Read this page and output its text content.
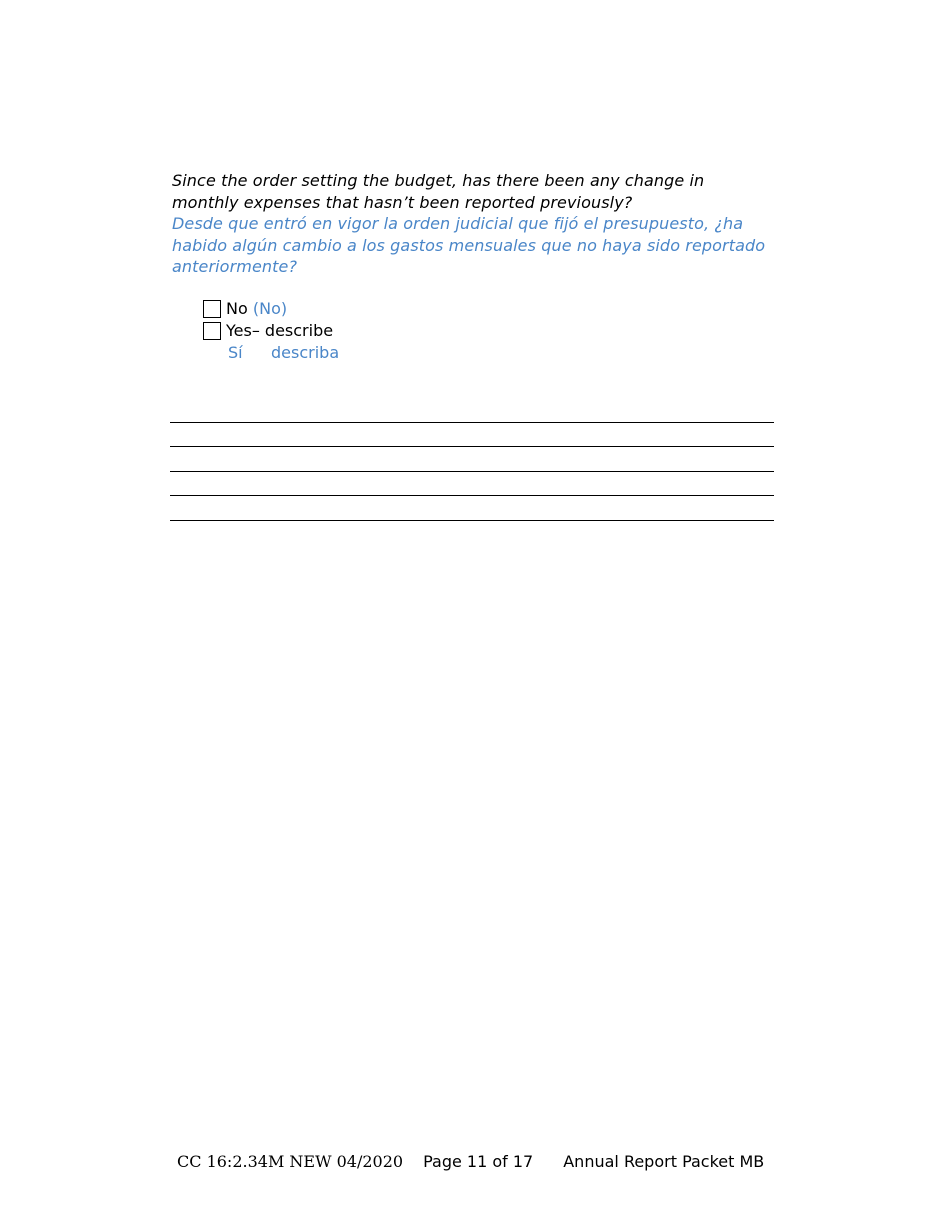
Since the order setting the budget, has there been any change in monthly expenses that hasn’t been reported previously?

Desde que entró en vigor la orden judicial que fijó el presupuesto, ¿ha habido algún cambio a los gastos mensuales que no haya sido reportado anteriormente?

No
(No)
Yes– describe
Sí	describa
CC 16:2.34M NEW 04/2020 Page 11 of 17 Annual Report Packet MB
